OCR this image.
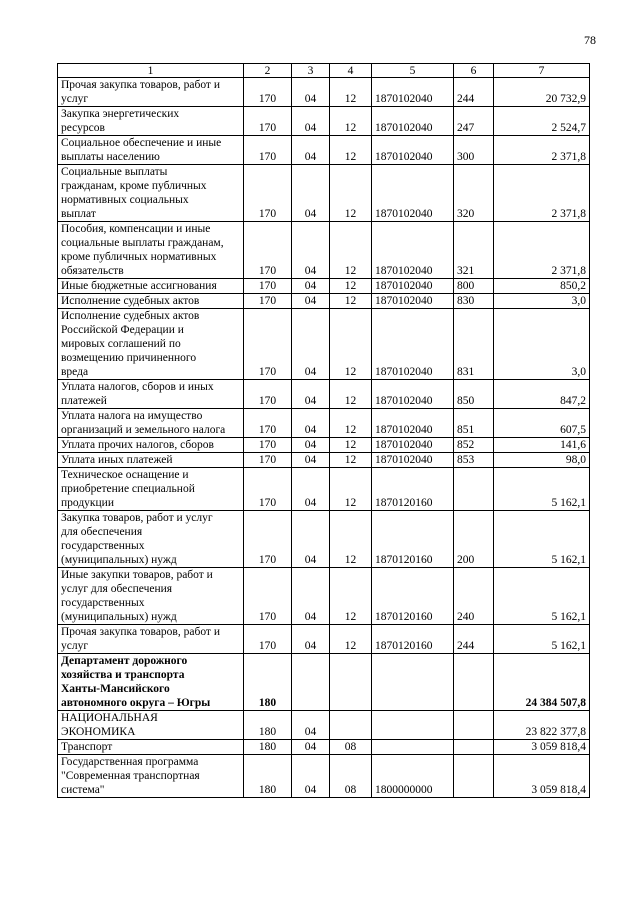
78
1	2	3	4	5	6	7
Прочая закупка товаров, работ и
услуг	170	04	12	1870102040	244	20 732,9
Закупка энергетических
ресурсов	170	04	12	1870102040	247	2 524,7
Социальное обеспечение и иные
выплаты населению	170	04	12	1870102040	300	2 371,8
Социальные выплаты
гражданам, кроме публичных
нормативных социальных
выплат	170	04	12	1870102040	320	2 371,8
Пособия, компенсации и иные
социальные выплаты гражданам,
кроме публичных нормативных
обязательств	170	04	12	1870102040	321	2 371,8
Иные бюджетные ассигнования	170	04	12	1870102040	800	850,2
Исполнение судебных актов	170	04	12	1870102040	830	3,0
Исполнение судебных актов
Российской Федерации и
мировых соглашений по
возмещению причиненного
вреда	170	04	12	1870102040	831	3,0
Уплата налогов, сборов и иных
платежей	170	04	12	1870102040	850	847,2
Уплата налога на имущество
организаций и земельного налога	170	04	12	1870102040	851	607,5
Уплата прочих налогов, сборов	170	04	12	1870102040	852	141,6
Уплата иных платежей	170	04	12	1870102040	853	98,0
Техническое оснащение и
приобретение специальной
продукции	170	04	12	1870120160		5 162,1
Закупка товаров, работ и услуг
для обеспечения
государственных
(муниципальных) нужд	170	04	12	1870120160	200	5 162,1
Иные закупки товаров, работ и
услуг для обеспечения
государственных
(муниципальных) нужд	170	04	12	1870120160	240	5 162,1
Прочая закупка товаров, работ и
услуг	170	04	12	1870120160	244	5 162,1
Департамент дорожного
хозяйства и транспорта
Ханты-Мансийского
автономного округа – Югры	180					24 384 507,8
НАЦИОНАЛЬНАЯ
ЭКОНОМИКА	180	04				23 822 377,8
Транспорт	180	04	08			3 059 818,4
Государственная программа
"Современная транспортная
система"	180	04	08	1800000000		3 059 818,4
